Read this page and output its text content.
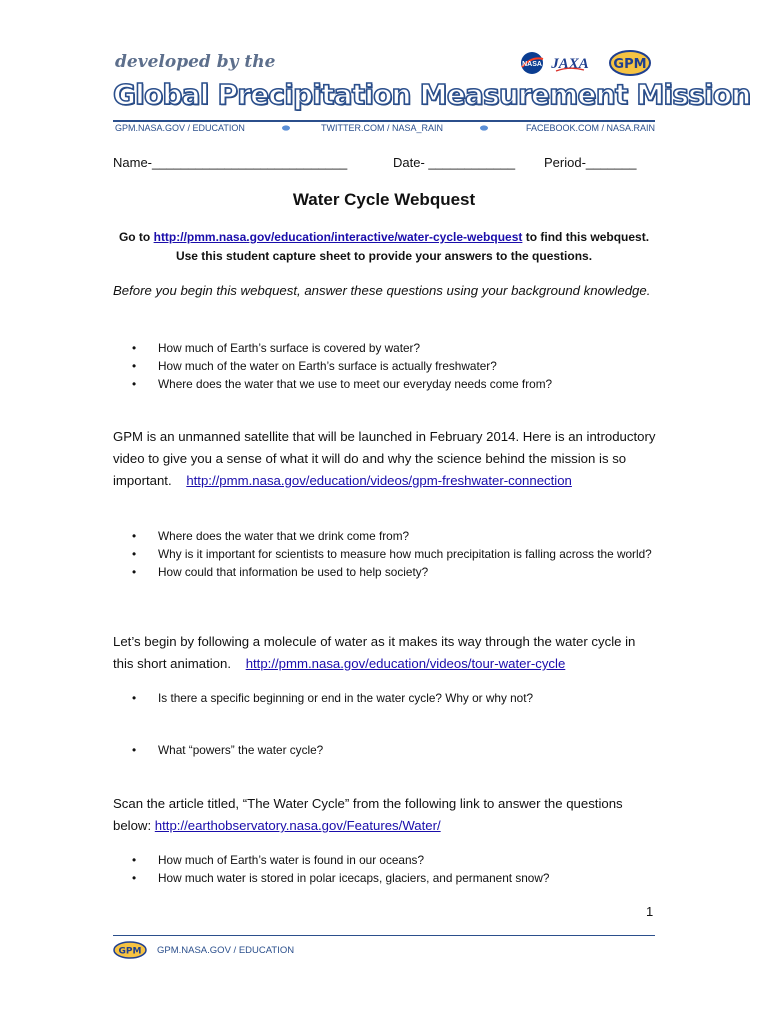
developed by the	NASA JAXA GPM
Global Precipitation Measurement Mission
GPM.NASA.GOV / EDUCATION	TWITTER.COM / NASA_RAIN	FACEBOOK.COM / NASA.RAIN
Name-___________________________	Date- ____________ Period-_______
Water Cycle Webquest
Go to http://pmm.nasa.gov/education/interactive/water-cycle-webquest to find this webquest. Use this student capture sheet to provide your answers to the questions.
Before you begin this webquest, answer these questions using your background knowledge.
• How much of Earth’s surface is covered by water?
• How much of the water on Earth’s surface is actually freshwater?
• Where does the water that we use to meet our everyday needs come from?
GPM is an unmanned satellite that will be launched in February 2014. Here is an introductory video to give you a sense of what it will do and why the science behind the mission is so important.    http://pmm.nasa.gov/education/videos/gpm-freshwater-connection
• Where does the water that we drink come from?
• Why is it important for scientists to measure how much precipitation is falling across the world?
• How could that information be used to help society?
Let’s begin by following a molecule of water as it makes its way through the water cycle in this short animation.    http://pmm.nasa.gov/education/videos/tour-water-cycle
• Is there a specific beginning or end in the water cycle? Why or why not?
• What “powers” the water cycle?
Scan the article titled, “The Water Cycle” from the following link to answer the questions below: http://earthobservatory.nasa.gov/Features/Water/
• How much of Earth’s water is found in our oceans?
• How much water is stored in polar icecaps, glaciers, and permanent snow?
1
GPM GPM.NASA.GOV / EDUCATION
